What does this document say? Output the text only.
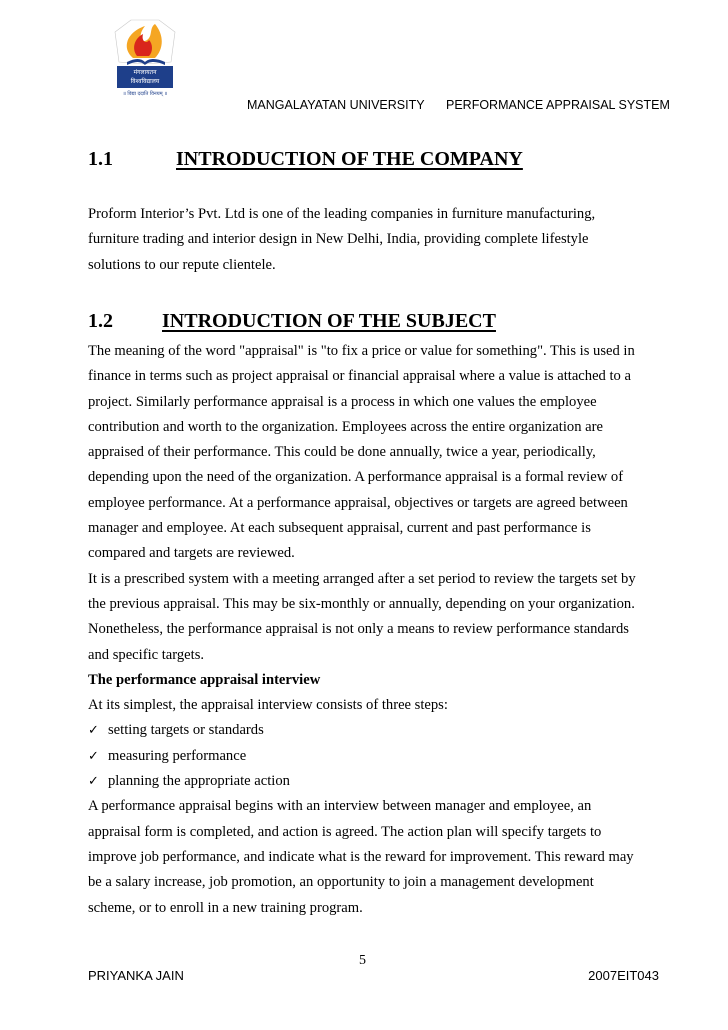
मंगलायतन
विश्वविद्यालय
॥ विद्या ददाति विनयम् ॥
MANGALAYATAN UNIVERSITY PERFORMANCE APPRAISAL SYSTEM
1.1	INTRODUCTION OF THE COMPANY

Proform Interior’s Pvt. Ltd is one of the leading companies in furniture manufacturing,

furniture trading and interior design in New Delhi, India, providing complete lifestyle

solutions to our repute clientele.

1.2 INTRODUCTION OF THE SUBJECT

The meaning of the word "appraisal" is "to fix a price or value for something". This is used in

finance in terms such as project appraisal or financial appraisal where a value is attached to a

project. Similarly performance appraisal is a process in which one values the employee

contribution and worth to the organization. Employees across the entire organization are

appraised of their performance. This could be done annually, twice a year, periodically,

depending upon the need of the organization. A performance appraisal is a formal review of

employee performance. At a performance appraisal, objectives or targets are agreed between

manager and employee. At each subsequent appraisal, current and past performance is

compared and targets are reviewed.

It is a prescribed system with a meeting arranged after a set period to review the targets set by

the previous appraisal. This may be six-monthly or annually, depending on your organization.

Nonetheless, the performance appraisal is not only a means to review performance standards

and specific targets.

The performance appraisal interview

At its simplest, the appraisal interview consists of three steps:

✓ setting targets or standards

✓ measuring performance

✓ planning the appropriate action

A performance appraisal begins with an interview between manager and employee, an

appraisal form is completed, and action is agreed. The action plan will specify targets to

improve job performance, and indicate what is the reward for improvement. This reward may

be a salary increase, job promotion, an opportunity to join a management development

scheme, or to enroll in a new training program.

5
PRIYANKA JAIN	2007EIT043
